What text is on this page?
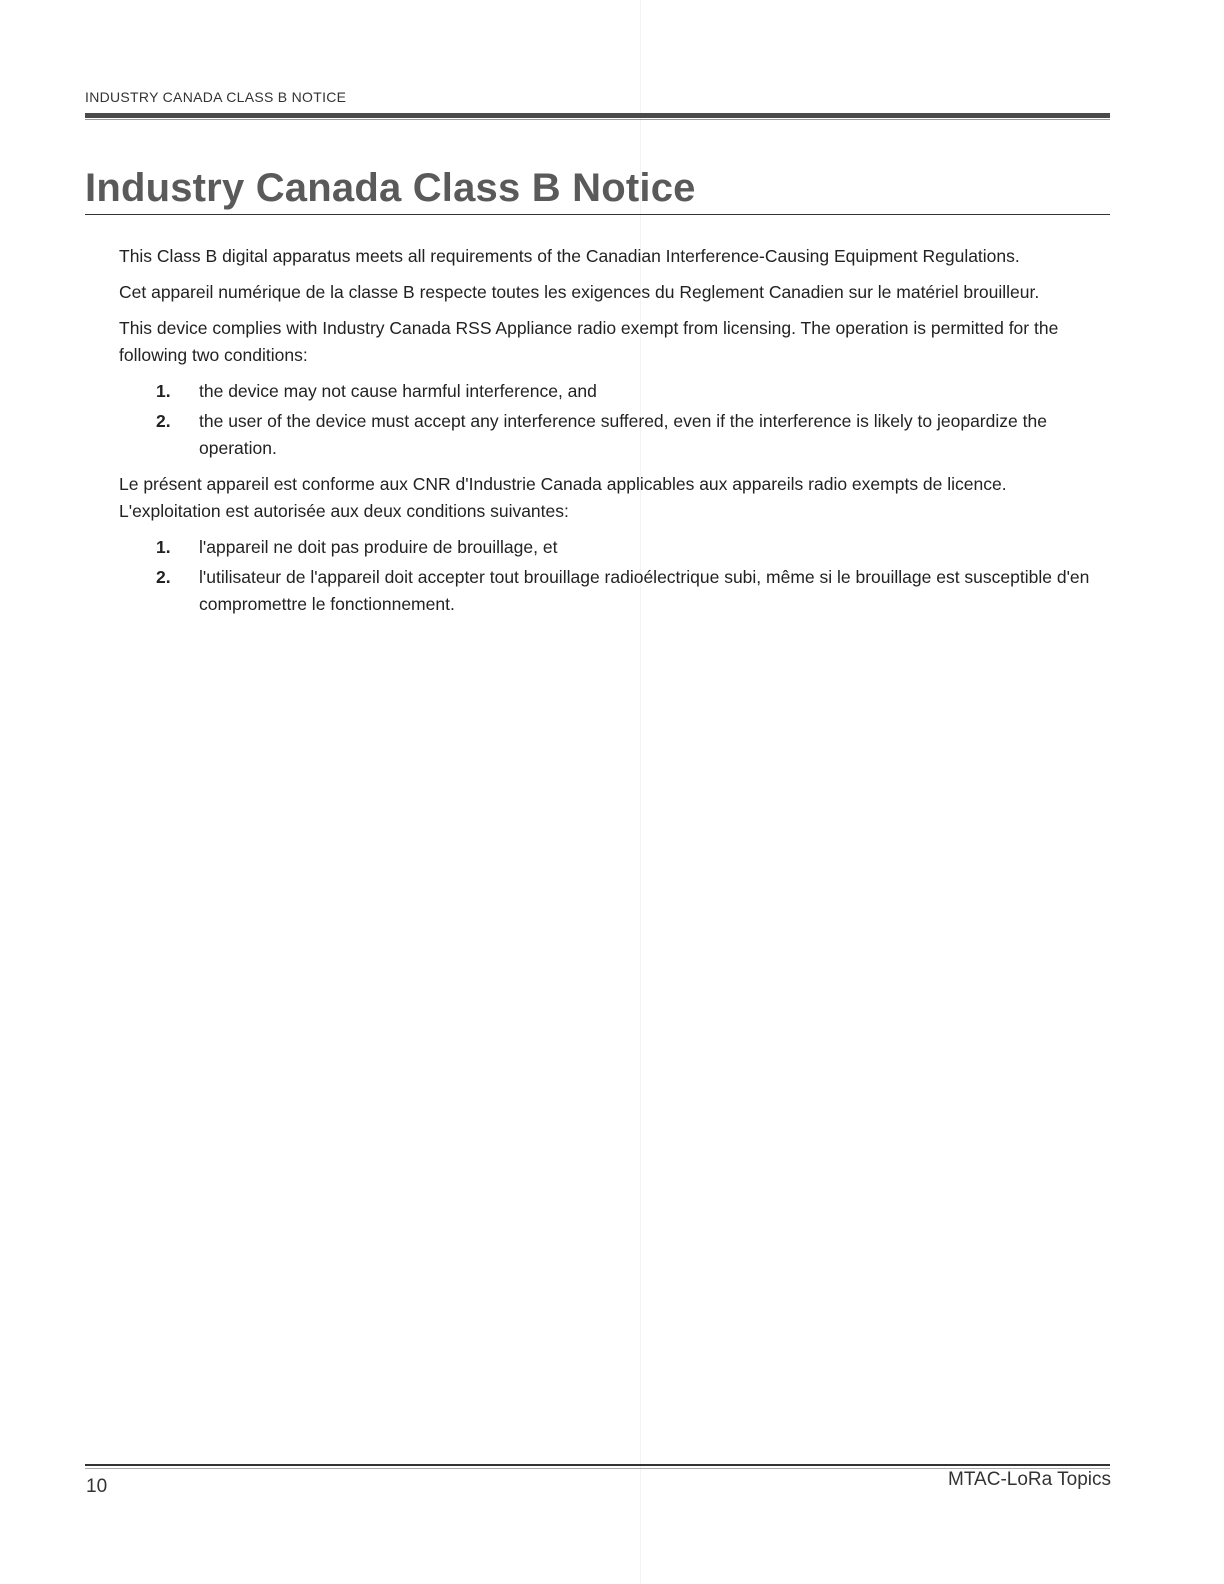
INDUSTRY CANADA CLASS B NOTICE
Industry Canada Class B Notice

This Class B digital apparatus meets all requirements of the Canadian Interference-Causing Equipment Regulations.

Cet appareil numérique de la classe B respecte toutes les exigences du Reglement Canadien sur le matériel brouilleur.

This device complies with Industry Canada RSS Appliance radio exempt from licensing. The operation is permitted for the following two conditions:

1. the device may not cause harmful interference, and
2. the user of the device must accept any interference suffered, even if the interference is likely to jeopardize the operation.

Le présent appareil est conforme aux CNR d'Industrie Canada applicables aux appareils radio exempts de licence. L'exploitation est autorisée aux deux conditions suivantes:

1. l'appareil ne doit pas produire de brouillage, et
2. l'utilisateur de l'appareil doit accepter tout brouillage radioélectrique subi, même si le brouillage est susceptible d'en compromettre le fonctionnement.
10	MTAC-LoRa Topics
